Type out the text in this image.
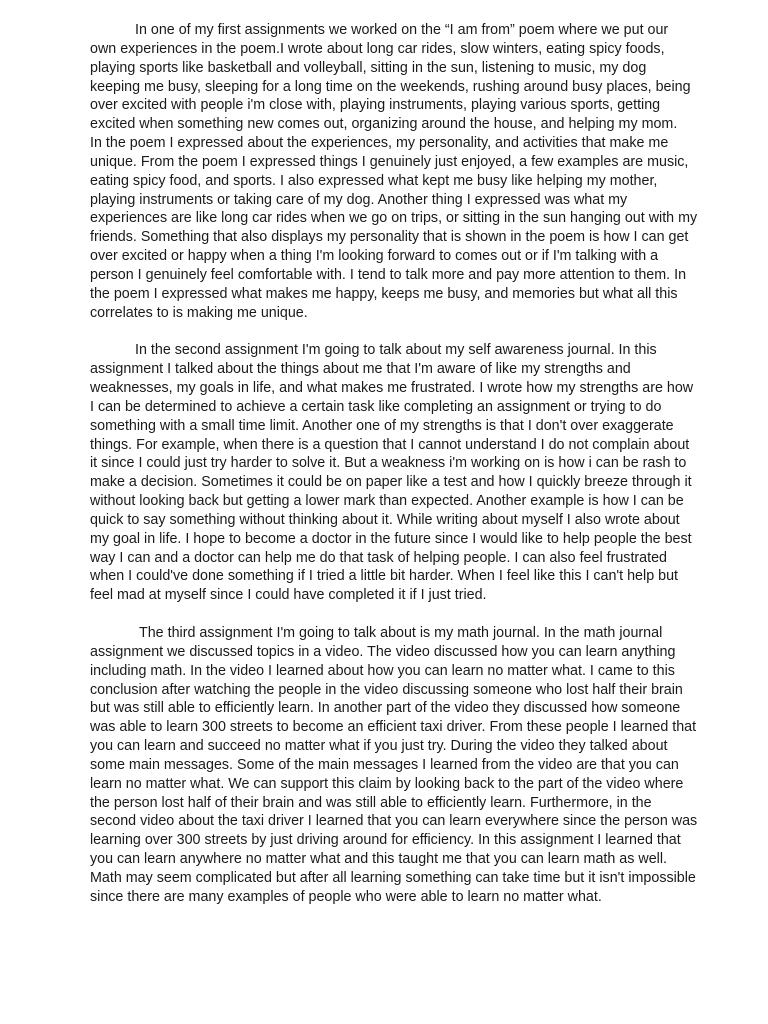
In one of my first assignments we worked on the “I am from” poem where we put our
own experiences in the poem.I wrote about long car rides, slow winters, eating spicy foods,
playing sports like basketball and volleyball, sitting in the sun, listening to music, my dog
keeping me busy, sleeping for a long time on the weekends, rushing around busy places, being
over excited with people i'm close with, playing instruments, playing various sports, getting
excited when something new comes out, organizing around the house, and helping my mom.
In the poem I expressed about the experiences, my personality, and activities that make me
unique. From the poem I expressed things I genuinely just enjoyed, a few examples are music,
eating spicy food, and sports. I also expressed what kept me busy like helping my mother,
playing instruments or taking care of my dog. Another thing I expressed was what my
experiences are like long car rides when we go on trips, or sitting in the sun hanging out with my
friends. Something that also displays my personality that is shown in the poem is how I can get
over excited or happy when a thing I'm looking forward to comes out or if I'm talking with a
person I genuinely feel comfortable with. I tend to talk more and pay more attention to them. In
the poem I expressed what makes me happy, keeps me busy, and memories but what all this
correlates to is making me unique.
In the second assignment I'm going to talk about my self awareness journal. In this
assignment I talked about the things about me that I'm aware of like my strengths and
weaknesses, my goals in life, and what makes me frustrated. I wrote how my strengths are how
I can be determined to achieve a certain task like completing an assignment or trying to do
something with a small time limit. Another one of my strengths is that I don't over exaggerate
things. For example, when there is a question that I cannot understand I do not complain about
it since I could just try harder to solve it. But a weakness i'm working on is how i can be rash to
make a decision. Sometimes it could be on paper like a test and how I quickly breeze through it
without looking back but getting a lower mark than expected. Another example is how I can be
quick to say something without thinking about it. While writing about myself I also wrote about
my goal in life. I hope to become a doctor in the future since I would like to help people the best
way I can and a doctor can help me do that task of helping people. I can also feel frustrated
when I could've done something if I tried a little bit harder. When I feel like this I can't help but
feel mad at myself since I could have completed it if I just tried.
The third assignment I'm going to talk about is my math journal. In the math journal
assignment we discussed topics in a video. The video discussed how you can learn anything
including math. In the video I learned about how you can learn no matter what. I came to this
conclusion after watching the people in the video discussing someone who lost half their brain
but was still able to efficiently learn. In another part of the video they discussed how someone
was able to learn 300 streets to become an efficient taxi driver. From these people I learned that
you can learn and succeed no matter what if you just try. During the video they talked about
some main messages. Some of the main messages I learned from the video are that you can
learn no matter what. We can support this claim by looking back to the part of the video where
the person lost half of their brain and was still able to efficiently learn. Furthermore, in the
second video about the taxi driver I learned that you can learn everywhere since the person was
learning over 300 streets by just driving around for efficiency. In this assignment I learned that
you can learn anywhere no matter what and this taught me that you can learn math as well.
Math may seem complicated but after all learning something can take time but it isn't impossible
since there are many examples of people who were able to learn no matter what.
